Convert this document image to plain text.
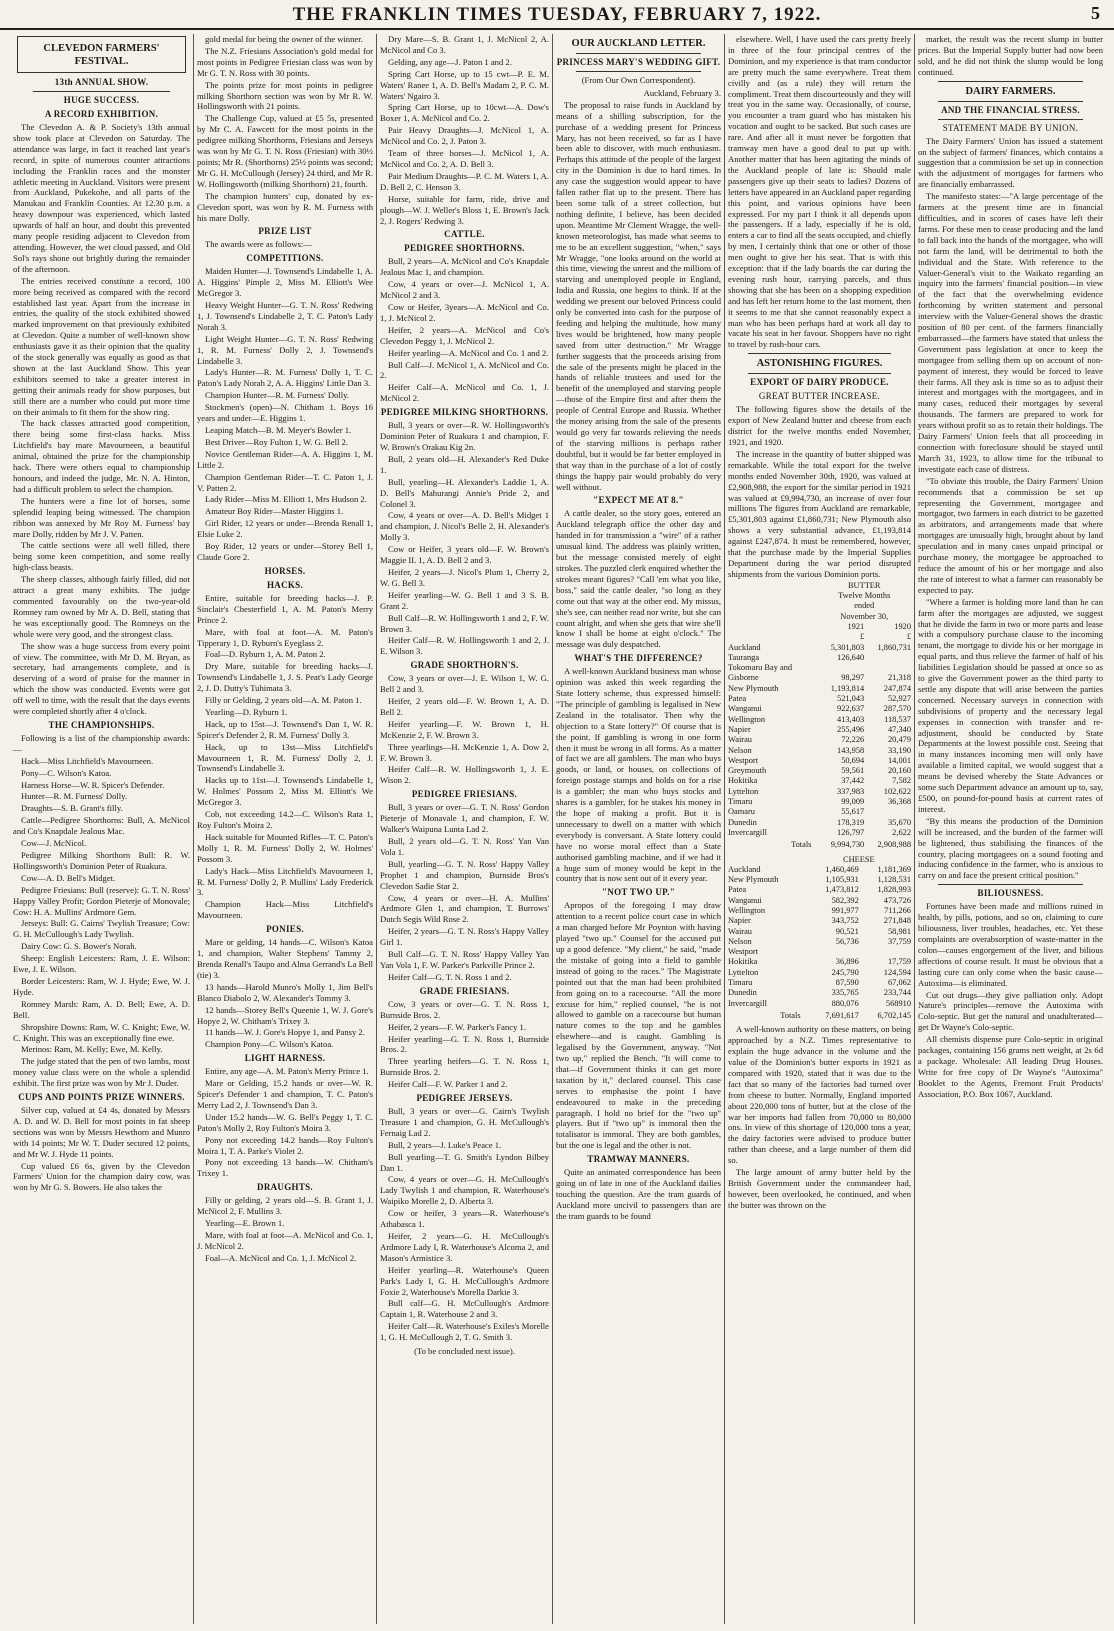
THE FRANKLIN TIMES TUESDAY, FEBRUARY 7, 1922.	5

CLEVEDON FARMERS' FESTIVAL.

13th ANNUAL SHOW.

HUGE SUCCESS.

A RECORD EXHIBITION.

The Clevedon A. & P. Society's 13th annual show took place at Clevedon on Saturday. The attendance was large, in fact it reached last year's record, in spite of numerous counter attractions including the Franklin races and the monster athletic meeting in Auckland. Visitors were present from Auckland, Pukekohe, and all parts of the Manukau and Franklin Counties. At 12.30 p.m. a heavy downpour was experienced, which lasted upwards of half an hour, and doubt this prevented many people residing adjacent to Clevedon from attending. However, the wet cloud passed, and Old Sol's rays shone out brightly during the remainder of the afternoon.

The entries received constitute a record, 100 more being received as compared with the record established last year. Apart from the increase in entries, the quality of the stock exhibited showed marked improvement on that previously exhibited at Clevedon. Quite a number of well-known show enthusiasts gave it as their opinion that the quality of the stock generally was equally as good as that shown at the last Auckland Show. This year exhibitors seemed to take a greater interest in getting their animals ready for show purposes, but still there are a number who could put more time on their animals to fit them for the show ring.

The hack classes attracted good competition, there being some first-class hacks. Miss Litchfield's bay mare Mavourneen, a beautiful animal, obtained the prize for the championship hack. There were others equal to championship honours, and indeed the judge, Mr. N. A. Hinton, had a difficult problem to select the champion.

The hunters were a fine lot of horses, some splendid leaping being witnessed. The champion ribbon was annexed by Mr Roy M. Furness' bay mare Dolly, ridden by Mr J. V. Patten.

The cattle sections were all well filled, there being some keen competition, and some really high-class beasts.

The sheep classes, although fairly filled, did not attract a great many exhibits. The judge commented favourably on the two-year-old Romney ram owned by Mr A. D. Bell, stating that he was exceptionally good. The Romneys on the whole were very good, and the strongest class.

The show was a huge success from every point of view. The committee, with Mr D. M. Bryan, as secretary, had arrangements complete, and is deserving of a word of praise for the manner in which the show was conducted. Events were got off well to time, with the result that the days events were completed shortly after 4 o'clock.

THE CHAMPIONSHIPS.

Following is a list of the championship awards:—

Hack—Miss Litchfield's Mavourneen.

Pony—C. Wilson's Katoa.

Harness Horse—W. R. Spicer's Defender.

Hunter—R. M. Furness' Dolly.

Draughts—S. B. Grant's filly.

Cattle—Pedigree Shorthorns: Bull, A. McNicol and Co's Knapdale Jealous Mac.

Cow—J. McNicol.

Pedigree Milking Shorthorn Bull: R. W. Hollingsworth's Dominion Peter of Ruakura.

Cow—A. D. Bell's Midget.

Pedigree Friesians: Bull (reserve): G. T. N. Ross' Happy Valley Profit; Gordon Pieterje of Monovale; Cow: H. A. Mullins' Ardmore Gem.

Jerseys: Bull: G. Cairns' Twylish Treasure; Cow: G. H. McCullough's Lady Twylish.

Dairy Cow: G. S. Bower's Norah.

Sheep: English Leicesters: Ram, J. E. Wilson: Ewe, J. E. Wilson.

Border Leicesters: Ram, W. J. Hyde; Ewe, W. J. Hyde.

Romney Marsh: Ram, A. D. Bell; Ewe, A. D. Bell.

Shropshire Downs: Ram, W. C. Knight; Ewe, W. C. Knight. This was an exceptionally fine ewe.

Merinos: Ram, M. Kelly; Ewe, M. Kelly.

The judge stated that the pen of two lambs, most money value class were on the whole a splendid exhibit. The first prize was won by Mr J. Duder.

CUPS AND POINTS PRIZE WINNERS.

Silver cup, valued at £4 4s, donated by Messrs A. D. and W. D. Bell for most points in fat sheep sections was won by Messrs Hewthorn and Munro with 14 points; Mr W. T. Duder secured 12 points, and Mr W. J. Hyde 11 points.

Cup valued £6 6s, given by the Clevedon Farmers' Union for the champion dairy cow, was won by Mr G. S. Bowers. He also takes the

gold medal for being the owner of the winner.

The N.Z. Friesians Association's gold medal for most points in Pedigree Friesian class was won by Mr G. T. N. Ross with 30 points.

The points prize for most points in pedigree milking Shorthorn section was won by Mr R. W. Hollingsworth with 21 points.

The Challenge Cup, valued at £5 5s, presented by Mr C. A. Fawcett for the most points in the pedigree milking Shorthorns, Friesians and Jerseys was won by Mr G. T. N. Ross (Friesian) with 30½ points; Mr R. (Shorthorns) 25½ points was second; Mr G. H. McCullough (Jersey) 24 third, and Mr R. W. Hollingsworth (milking Shorthorn) 21, fourth.

The champion hunters' cup, donated by ex-Clevedon sport, was won by R. M. Furness with his mare Dolly.

PRIZE LIST

The awards were as follows:—

COMPETITIONS.

Maiden Hunter—J. Townsend's Lindabelle 1, A. A. Higgins' Pimple 2, Miss M. Elliott's Wee McGregor 3.

Heavy Weight Hunter—G. T. N. Ross' Redwing 1, J. Townsend's Lindabelle 2, T. C. Paton's Lady Norah 3.

Light Weight Hunter—G. T. N. Ross' Redwing 1, R. M. Furness' Dolly 2, J. Townsend's Lindabelle 3.

Lady's Hunter—R. M. Furness' Dolly 1, T. C. Paton's Lady Norah 2, A. A. Higgins' Little Dan 3.

Champion Hunter—R. M. Furness' Dolly.

Stockmen's (open)—N. Chitham 1. Boys 16 years and under—E. Higgins 1.

Leaping Match—B. M. Meyer's Bowler 1.

Best Driver—Roy Fulton 1, W. G. Bell 2.

Novice Gentleman Rider—A. A. Higgins 1, M. Little 2.

Champion Gentleman Rider—T. C. Paton 1, J. V. Patten 2.

Lady Rider—Miss M. Elliott 1, Mrs Hudson 2.

Amateur Boy Rider—Master Higgins 1.

Girl Rider, 12 years or under—Brenda Renall 1, Elsie Luke 2.

Boy Rider, 12 years or under—Storey Bell 1, Claude Gore 2.

HORSES.

HACKS.

Entire, suitable for breeding hacks—J. P. Sinclair's Chesterfield 1, A. M. Paton's Merry Prince 2.

Mare, with foal at foot—A. M. Paton's Tipperary 1, D. Ryburn's Eyeglass 2.

Foal—D. Ryburn 1, A. M. Paton 2.

Dry Mare, suitable for breeding hacks—J. Townsend's Lindabelle 1, J. S. Peat's Lady George 2, J. D. Dutty's Tuhimata 3.

Filly or Gelding, 2 years old—A. M. Paton 1.

Yearling—D. Ryburn 1.

Hack, up to 15st—J. Townsend's Dan 1, W. R. Spicer's Defender 2, R. M. Furness' Dolly 3.

Hack, up to 13st—Miss Litchfield's Mavourneen 1, R. M. Furness' Dolly 2, J. Townsend's Lindabelle 3.

Hacks up to 11st—J. Townsend's Lindabelle 1, W. Holmes' Possom 2, Miss M. Elliott's We McGregor 3.

Cob, not exceeding 14.2—C. Wilson's Rata 1, Roy Fulton's Moira 2.

Hack suitable for Mounted Rifles—T. C. Paton's Molly 1, R. M. Furness' Dolly 2, W. Holmes' Possom 3.

Lady's Hack—Miss Litchfield's Mavourneen 1, R. M. Furness' Dolly 2, P. Mullins' Lady Frederick 3.

Champion Hack—Miss Litchfield's Mavourneen.

PONIES.

Mare or gelding, 14 hands—C. Wilson's Katoa 1, and champion, Walter Stephens' Tammy 2, Brenda Renall's Taupo and Alma Gerrand's La Bell (tie) 3.

13 hands—Harold Munro's Molly 1, Jim Bell's Blanco Diabolo 2, W. Alexander's Tommy 3.

12 hands—Storey Bell's Queenie 1, W. J. Gore's Hopye 2, W. Chitham's Trixey 3.

11 hands—W. J. Gore's Hopye 1, and Pansy 2.

Champion Pony—C. Wilson's Katoa.

LIGHT HARNESS.

Entire, any age—A. M. Paton's Merry Prince 1.

Mare or Gelding, 15.2 hands or over—W. R. Spicer's Defender 1 and champion, T. C. Paton's Merry Lad 2, J. Townsend's Dan 3.

Under 15.2 hands—W. G. Bell's Peggy 1, T. C. Paton's Molly 2, Roy Fulton's Moira 3.

Pony not exceeding 14.2 hands—Roy Fulton's Moira 1, T. A. Parke's Violet 2.

Pony not exceeding 13 hands—W. Chitham's Trixey 1.

DRAUGHTS.

Filly or gelding, 2 years old—S. B. Grant 1, J. McNicol 2, F. Mullins 3.

Yearling—E. Brown 1.

Mare, with foal at foot—A. McNicol and Co. 1, J. McNicol 2.

Foal—A. McNicol and Co. 1, J. McNicol 2.

Dry Mare—S. B. Grant 1, J. McNicol 2, A. McNicol and Co 3.

Gelding, any age—J. Paton 1 and 2.

Spring Cart Horse, up to 15 cwt—P. E. M. Waters' Ranee 1, A. D. Bell's Madam 2, P. C. M. Waters' Ngairo 3.

Spring Cart Horse, up to 10cwt—A. Dow's Boxer 1, A. McNicol and Co. 2.

Pair Heavy Draughts—J. McNicol 1, A. McNicol and Co. 2, J. Paton 3.

Team of three horses—J. McNicol 1, A. McNicol and Co. 2, A. D. Bell 3.

Pair Medium Draughts—P. C. M. Waters 1, A. D. Bell 2, C. Henson 3.

Horse, suitable for farm, ride, drive and plough—W. J. Weller's Bloss 1, E. Brown's Jack 2, J. Rogers' Redwing 3.

CATTLE.

PEDIGREE SHORTHORNS.

Bull, 2 years—A. McNicol and Co's Knapdale Jealous Mac 1, and champion.

Cow, 4 years or over—J. McNicol 1, A. McNicol 2 and 3.

Cow or Heifer, 3years—A. McNicol and Co. 1, J. McNicol 2.

Heifer, 2 years—A. McNicol and Co's Clevedon Peggy 1, J. McNicol 2.

Heifer yearling—A. McNicol and Co. 1 and 2.

Bull Calf—J. McNicol 1, A. McNicol and Co. 2.

Heifer Calf—A. McNicol and Co. 1, J. McNicol 2.

PEDIGREE MILKING SHORTHORNS.

Bull, 3 years or over—R. W. Hollingsworth's Dominion Peter of Ruakura 1 and champion, F. W. Brown's Orakau Kig 2n.

Bull, 2 years old—H. Alexander's Red Duke 1.

Bull, yearling—H. Alexander's Laddie 1, A. D. Bell's Mahurangi Annie's Pride 2, and Colonel 3.

Cow, 4 years or over—A. D. Bell's Midget 1 and champion, J. Nicol's Belle 2, H. Alexander's Molly 3.

Cow or Heifer, 3 years old—F. W. Brown's Maggie II. 1, A. D. Bell 2 and 3.

Heifer, 2 years—J. Nicol's Plum 1, Cherry 2, W. G. Bell 3.

Heifer yearling—W. G. Bell 1 and 3 S. B. Grant 2.

Bull Calf—R. W. Hollingsworth 1 and 2, F. W. Brown 3.

Heifer Calf—R. W. Hollingsworth 1 and 2, J. E. Wilson 3.

GRADE SHORTHORN'S.

Cow, 3 years or over—J. E. Wilson 1, W. G. Bell 2 and 3.

Heifer, 2 years old—F. W. Brown 1, A. D. Bell 2.

Heifer yearling—F. W. Brown 1, H. McKenzie 2, F. W. Brown 3.

Three yearlings—H. McKenzie 1, A. Dow 2, F. W. Brown 3.

Heifer Calf—R. W. Hollingsworth 1, J. E. Wison 2.

PEDIGREE FRIESIANS.

Bull, 3 years or over—G. T. N. Ross' Gordon Pieterje of Monavale 1, and champion, F. W. Walker's Waipuna Lunta Lad 2.

Bull, 2 years old—G. T. N. Ross' Yan Van Vola 1.

Bull, yearling—G. T. N. Ross' Happy Valley Prophet 1 and champion, Burnside Bros's Clevedon Sadie Star 2.

Cow, 4 years or over—H. A. Mullins' Ardmore Glen 1, and champion, T. Burrows' Dutch Segis Wild Rose 2.

Heifer, 2 years—G. T. N. Ross's Happy Valley Girl 1.

Bull Calf—G. T. N. Ross' Happy Valley Yan Yan Vola 1, F. W. Parker's Parkville Prince 2.

Heifer Calf—G. T. N. Ross 1 and 2.

GRADE FRIESIANS.

Cow, 3 years or over—G. T. N. Ross 1, Burnside Bros. 2.

Heifer, 2 years—F. W. Parker's Fancy 1.

Heifer yearling—G. T. N. Ross 1, Burnside Bros. 2.

Three yearling heifers—G. T. N. Ross 1, Burnside Bros. 2.

Heifer Calf—F. W. Parker 1 and 2.

PEDIGREE JERSEYS.

Bull, 3 years or over—G. Cairn's Twylish Treasure 1 and champion, G. H. McCullough's Fernaig Lad 2.

Bull, 2 years—J. Luke's Peace 1.

Bull yearling—T. G. Smith's Lyndon Bilbey Dan 1.

Cow, 4 years or over—G. H. McCullough's Lady Twylish 1 and champion, R. Waterhouse's Waipiko Morelle 2, D. Alberta 3.

Cow or heifer, 3 years—R. Waterhouse's Athabasca 1.

Heifer, 2 years—G. H. McCullough's Ardmore Lady I, R. Waterhouse's Alcoma 2, and Mason's Armistice 3.

Heifer yearling—R. Waterhouse's Queen Park's Lady I, G. H. McCullough's Ardmore Foxie 2, Waterhouse's Morella Darkie 3.

Bull calf—G. H. McCullough's Ardmore Captain 1, R. Waterhouse 2 and 3.

Heifer Calf—R. Waterhouse's Exiles's Morelle 1, G. H. McCullough 2, T. G. Smith 3.

(To be concluded next issue).

OUR AUCKLAND LETTER.

PRINCESS MARY'S WEDDING GIFT.

(From Our Own Correspondent).

Auckland, February 3.

The proposal to raise funds in Auckland by means of a shilling subscription, for the purchase of a wedding present for Princess Mary, has not been received, so far as I have been able to discover, with much enthusiasm. Perhaps this attitude of the people of the largest city in the Dominion is due to hard times. In any case the suggestion would appear to have fallen rather flat up to the present. There has been some talk of a street collection, but nothing definite, I believe, has been decided upon. Meantime Mr Clement Wragge, the well-known meteorologist, has made what seems to me to be an excellent suggestion, "when," says Mr Wragge, "one looks around on the world at this time, viewing the unrest and the millions of starving and unemployed people in England, India and Russia, one begins to think. If at the wedding we present our beloved Princess could only be converted into cash for the purpose of feeding and helping the multitude, how many lives would be brightened, how many people saved from utter destruction." Mr Wragge further suggests that the proceeds arising from the sale of the presents might be placed in the hands of reliable trustees and used for the benefit of the unemployed and starving people—those of the Empire first and after them the people of Central Europe and Russia. Whether the money arising from the sale of the presents would go very far towards relieving the needs of the starving millions is perhaps rather doubtful, but it would be far better employed in that way than in the purchase of a lot of costly things the happy pair would probably do very well without.

"EXPECT ME AT 8."

A cattle dealer, so the story goes, entered an Auckland telegraph office the other day and handed in for transmission a "wire" of a rather unusual kind. The address was plainly written, but the message consisted merely of eight strokes. The puzzled clerk enquired whether the strokes meant figures? "Call 'em what you like, boss," said the cattle dealer, "so long as they come out that way at the other end. My missus, she's see, can neither read nor write, but she can count alright, and when she gets that wire she'll know I shall be home at eight o'clock." The message was duly despatched.

WHAT'S THE DIFFERENCE?

A well-known Auckland business man whose opinion was asked this week regarding the State lottery scheme, thus expressed himself: "The principle of gambling is legalised in New Zealand in the totalisator. Then why the objection to a State lottery?" Of course that is the point. If gambling is wrong in one form then it must be wrong in all forms. As a matter of fact we are all gamblers. The man who buys goods, or land, or houses, on collections of foreign postage stamps and holds on for a rise is a gambler; the man who buys stocks and shares is a gambler, for he stakes his money in the hope of making a profit. But it is unnecessary to dwell on a matter with which everybody is conversant. A State lottery could have no worse moral effect than a State authorised gambling machine, and if we had it a huge sum of money would be kept in the country that is now sent out of it every year.

"NOT TWO UP."

Apropos of the foregoing I may draw attention to a recent police court case in which a man charged before Mr Poynton with having played "two up." Counsel for the accused put up a good defence. "My client," he said, "made the mistake of going into a field to gamble instead of going to the races." The Magistrate pointed out that the man had been prohibited from going on to a racecourse. "All the more excuse for him," replied counsel, "he is not allowed to gamble on a racecourse but human nature comes to the top and he gambles elsewhere—and is caught. Gambling is legalised by the Government, anyway. "Not two up," replied the Bench. "It will come to that—if Government thinks it can get more taxation by it," declared counsel. This case serves to emphasise the point I have endeavoured to make in the preceding paragraph. I hold no brief for the "two up" players. But if "two up" is immoral then the totalisator is immoral. They are both gambles, but the one is legal and the other is not.

TRAMWAY MANNERS.

Quite an animated correspondence has been going on of late in one of the Auckland dailies touching the question. Are the tram guards of Auckland more uncivil to passengers than are the tram guards to be found

elsewhere. Well, I have used the cars pretty freely in three of the four principal centres of the Dominion, and my experience is that tram conductor are pretty much the same everywhere. Treat them civilly and (as a rule) they will return the compliment. Treat them discourteously and they will treat you in the same way. Occasionally, of course, you encounter a tram guard who has mistaken his vocation and ought to be sacked. But such cases are rare. And after all it must never be forgotten that tramway men have a good deal to put up with. Another matter that has been agitating the minds of the Auckland people of late is: Should male passengers give up their seats to ladies? Dozens of letters have appeared in an Auckland paper regarding this point, and various opinions have been expressed. For my part I think it all depends upon the passengers. If a lady, especially if he is old, enters a car to find all the seats occupied, and chiefly by men, I certainly think that one or other of those men ought to give her his seat. That is with this exception: that if the lady boards the car during the evening rush hour, carrying parcels, and thus showing that she has been on a shopping expedition and has left her return home to the last moment, then it seems to me that she cannot reasonably expect a man who has been perhaps hard at work all day to vacate his seat in her favour. Shoppers have no right to travel by rush-hour cars.

ASTONISHING FIGURES.

EXPORT OF DAIRY PRODUCE.

GREAT BUTTER INCREASE.

The following figures show the details of the export of New Zealand butter and cheese from each district for the twelve months ended November, 1921, and 1920.

The increase in the quantity of butter shipped was remarkable. While the total export for the twelve months ended November 30th, 1920, was valued at £2,908,988, the export for the similar period in 1921 was valued at £9,994,730, an increase of over four millions The figures from Auckland are remarkable, £5,301,803 against £1,860,731; New Plymouth also shows a very substantial advance, £1,193,814 against £247,874. It must be remembered, however, that the purchase made by the Imperial Supplies Department during the war period disrupted shipments from the various Dominion ports.

	BUTTER	
	Twelve Months	
	ended	
	November 30,	
	1921	1920
	£	£
Auckland	5,301,803	1,860,731
Tauranga	126,640	
Tokomaru Bay and		
Gisborne	98,297	21,318
New Plymouth	1,193,814	247,874
Patea	521,043	52,927
Wanganui	922,637	287,570
Wellington	413,403	118,537
Napier	255,496	47,340
Wairau	72,226	20,479
Nelson	143,958	33,190
Westport	50,694	14,001
Greymouth	59,561	20,160
Hokitika	37,442	7,582
Lyttelton	337,983	102,622
Timaru	99,009	36,368
Oamaru	55,617	
Dunedin	178,319	35,670
Invercargill	126,797	2,622
Totals	9,994,730	2,908,988
	CHEESE	
Auckland	1,460,469	1,181,369
New Plymouth	1,105,931	1,128,531
Patea	1,473,812	1,828,993
Wanganui	582,392	473,726
Wellington	991,977	711,266
Napier	343,752	271,848
Wairau	90,521	58,981
Nelson	56,736	37,759
Westport		
Hokitika	36,896	17,759
Lyttelton	245,790	124,594
Timaru	87,590	67,062
Dunedin	335,765	233,744
Invercargill	880,076	568910
Totals	7,691,617	6,702,145

A well-known authority on these matters, on being approached by a N.Z. Times representative to explain the huge advance in the volume and the value of the Dominion's butter exports in 1921 as compared with 1920, stated that it was due to the fact that so many of the factories had turned over from cheese to butter. Normally, England imported about 220,000 tons of butter, but at the close of the war her imports had fallen from 70,000 to 80,000 ons. In view of this shortage of 120,000 tons a year, the dairy factories were advised to produce butter rather than cheese, and a large number of them did so.

The large amount of army butter held by the British Government under the commandeer had, however, been overlooked, he continued, and when the butter was thrown on the

market, the result was the recent slump in butter prices. But the Imperial Supply butter had now been sold, and he did not think the slump would be long continued.

DAIRY FARMERS.

AND THE FINANCIAL STRESS.

STATEMENT MADE BY UNION.

The Dairy Farmers' Union has issued a statement on the subject of farmers' finances, which contains a suggestion that a commission be set up in connection with the adjustment of mortgages for farmers who are financially embarrassed.

The manifesto states:—"A large percentage of the farmers at the present time are in financial difficulties, and in scores of cases have left their farms. For these men to cease producing and the land to fall back into the hands of the mortgagee, who will not farm the land, will be detrimental to both the individual and the State. With reference to the Valuer-General's visit to the Waikato regarding an inquiry into the farmers' financial position—in view of the fact that the overwhelming evidence forthcoming by written statement and personal interview with the Valuer-General shows the drastic position of 80 per cent. of the farmers financially embarrassed—the farmers have stated that unless the Government pass legislation at once to keep the mortgagee from selling them up on account of non-payment of interest, they would be forced to leave their farms. All they ask is time so as to adjust their interest and mortgages with the mortgagees, and in many cases, reduced their mortgages by several thousands. The farmers are prepared to work for years without profit so as to retain their holdings. The Dairy Farmers' Union feels that all proceeding in connection with foreclosure should be stayed until March 31, 1923, to allow time for the tribunal to investigate each case of distress.

"To obviate this trouble, the Dairy Farmers' Union recommends that a commission be set up representing the Government, mortgagee and mortgagor, two farmers in each district to be gazetted as arbitrators, and arrangements made that where mortgages are unusually high, brought about by land speculation and in many cases unpaid principal or purchase money, the mortgagee be approached to reduce the amount of his or her mortgage and also the rate of interest to what a farmer can reasonably be expected to pay.

"Where a farmer is holding more land than he can farm after the mortgages are adjusted, we suggest that he divide the farm in two or more parts and lease with a compulsory purchase clause to the incoming tenant, the mortgage to divide his or her mortgage in equal parts, and thus relieve the farmer of half of his liabilities Legislation should be passed at once so as to give the Government power as the third party to settle any dispute that will arise between the parties concerned. Necessary surveys in connection with subdivisions of property and the necessary legal expenses in connection with transfer and re-adjustment, should be conducted by State Departments at the lowest possible cost. Seeing that in many instances incoming men will only have available a limited capital, we would suggest that a means be devised whereby the State Advances or some such Department advance an amount up to, say, £500, on pound-for-pound basis at current rates of interest.

"By this means the production of the Dominion will be increased, and the burden of the farmer will be lightened, thus stabilising the finances of the country, placing mortgagees on a sound footing and inducing confidence in the farmer, who is anxious to carry on and face the present critical position."

BILIOUSNESS.

Fortunes have been made and millions ruined in health, by pills, potions, and so on, claiming to cure biliousness, liver troubles, headaches, etc. Yet these complaints are overabsorption of waste-matter in the colon—causes engorgement of the liver, and bilious affections of course result. It must be obvious that a lasting cure can only come when the basic cause—Autoxima—is eliminated.

Cut out drugs—they give palliation only. Adopt Nature's principles—remove the Autoxima with Colo-septic. But get the natural and unadulterated—get Dr Wayne's Colo-septic.

All chemists dispense pure Colo-septic in original packages, containing 156 grams nett weight, at 2s 6d a package. Wholesale: All leading Drug Houses. Write for free copy of Dr Wayne's "Autoxima" Booklet to the Agents, Fremont Fruit Products' Association, P.O. Box 1067, Auckland.
